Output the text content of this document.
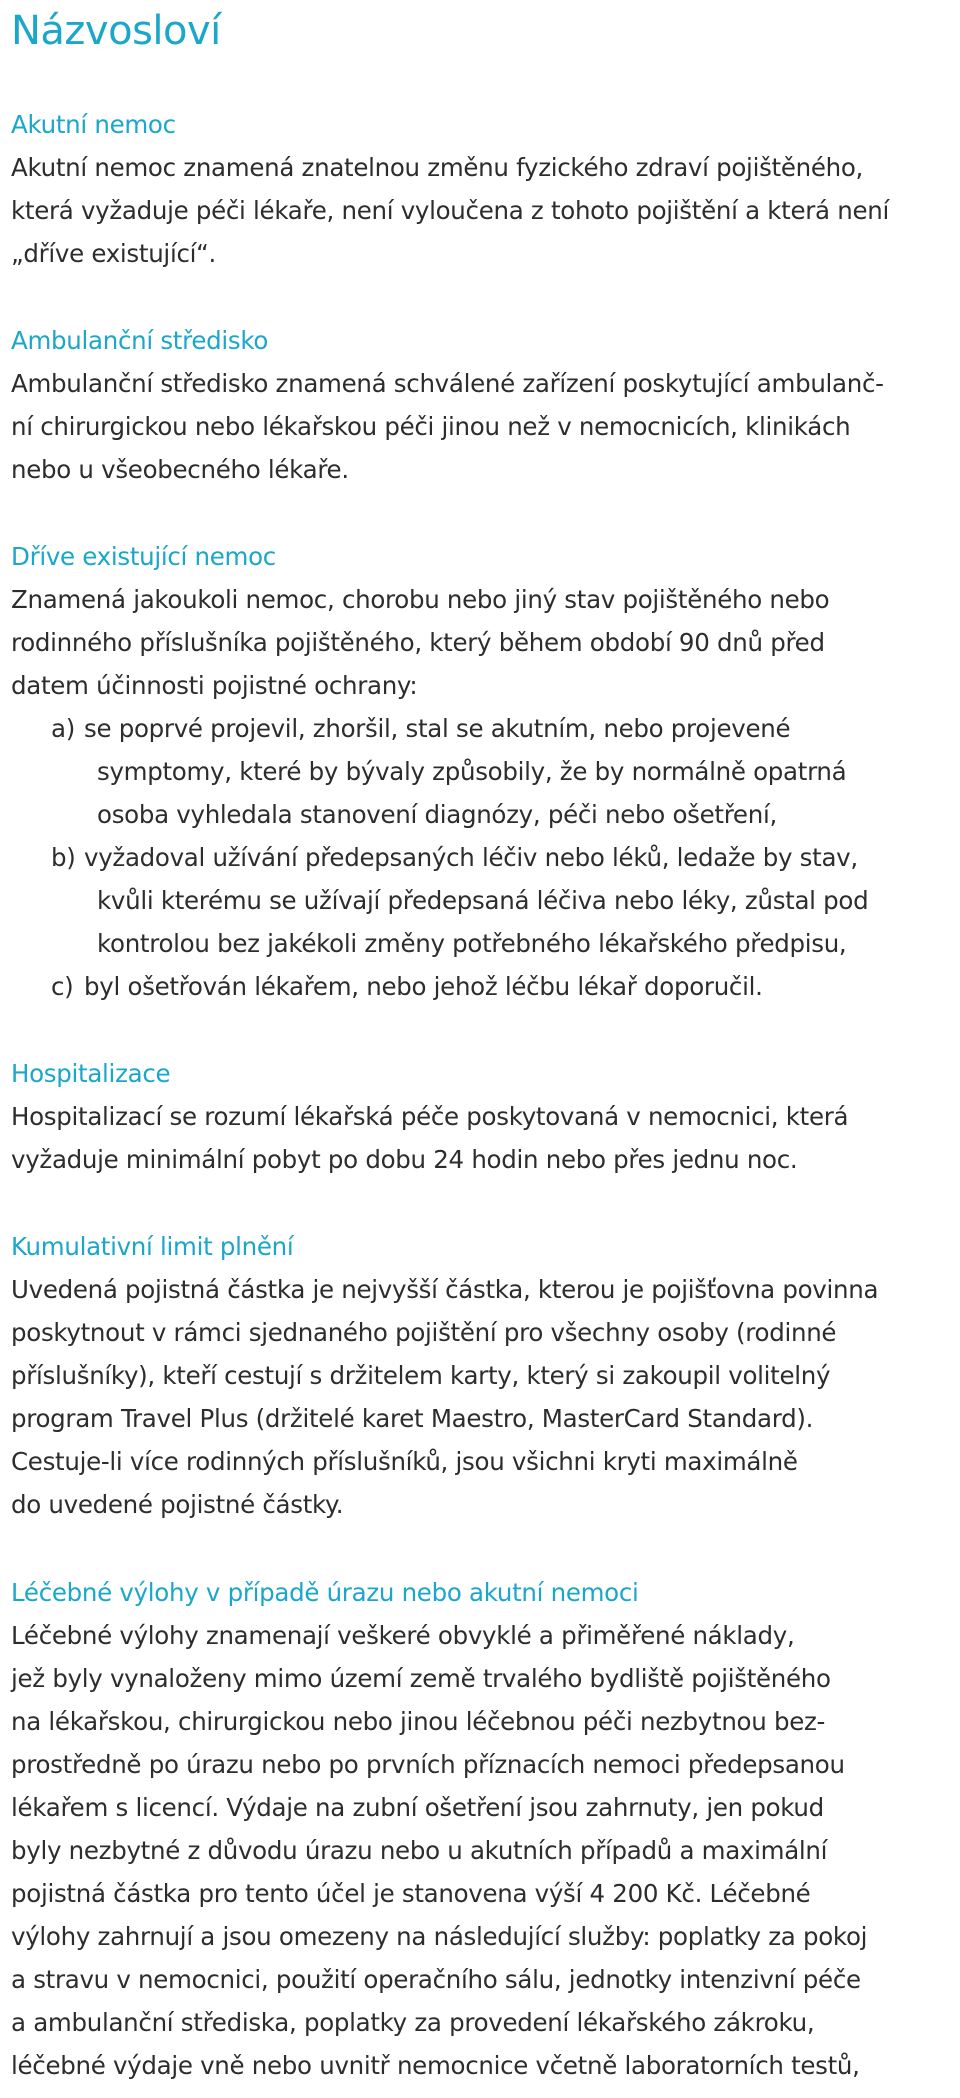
Názvosloví
Akutní nemoc

Akutní nemoc znamená znatelnou změnu fyzického zdraví pojištěného,
která vyžaduje péči lékaře, není vyloučena z tohoto pojištění a která není
„dříve existující“.

Ambulanční středisko

Ambulanční středisko znamená schválené zařízení poskytující ambulanč-
ní chirurgickou nebo lékařskou péči jinou než v nemocnicích, klinikách
nebo u všeobecného lékaře.

Dříve existující nemoc

Znamená jakoukoli nemoc, chorobu nebo jiný stav pojištěného nebo
rodinného příslušníka pojištěného, který během období 90 dnů před
datem účinnosti pojistné ochrany:

a) se poprvé projevil, zhoršil, stal se akutním, nebo projevené
symptomy, které by bývaly způsobily, že by normálně opatrná
osoba vyhledala stanovení diagnózy, péči nebo ošetření,
b) vyžadoval užívání předepsaných léčiv nebo léků, ledaže by stav,
kvůli kterému se užívají předepsaná léčiva nebo léky, zůstal pod
kontrolou bez jakékoli změny potřebného lékařského předpisu,
c) byl ošetřován lékařem, nebo jehož léčbu lékař doporučil.
Hospitalizace

Hospitalizací se rozumí lékařská péče poskytovaná v nemocnici, která
vyžaduje minimální pobyt po dobu 24 hodin nebo přes jednu noc.

Kumulativní limit plnění

Uvedená pojistná částka je nejvyšší částka, kterou je pojišťovna povinna
poskytnout v rámci sjednaného pojištění pro všechny osoby (rodinné
příslušníky), kteří cestují s držitelem karty, který si zakoupil volitelný
program Travel Plus (držitelé karet Maestro, MasterCard Standard).
Cestuje-li více rodinných příslušníků, jsou všichni kryti maximálně
do uvedené pojistné částky.

Léčebné výlohy v případě úrazu nebo akutní nemoci

Léčebné výlohy znamenají veškeré obvyklé a přiměřené náklady,
jež byly vynaloženy mimo území země trvalého bydliště pojištěného
na lékařskou, chirurgickou nebo jinou léčebnou péči nezbytnou bez-
prostředně po úrazu nebo po prvních příznacích nemoci předepsanou
lékařem s licencí. Výdaje na zubní ošetření jsou zahrnuty, jen pokud
byly nezbytné z důvodu úrazu nebo u akutních případů a maximální
pojistná částka pro tento účel je stanovena výší 4 200 Kč. Léčebné
výlohy zahrnují a jsou omezeny na následující služby: poplatky za pokoj
a stravu v nemocnici, použití operačního sálu, jednotky intenzivní péče
a ambulanční střediska, poplatky za provedení lékařského zákroku,
léčebné výdaje vně nebo uvnitř nemocnice včetně laboratorních testů,
